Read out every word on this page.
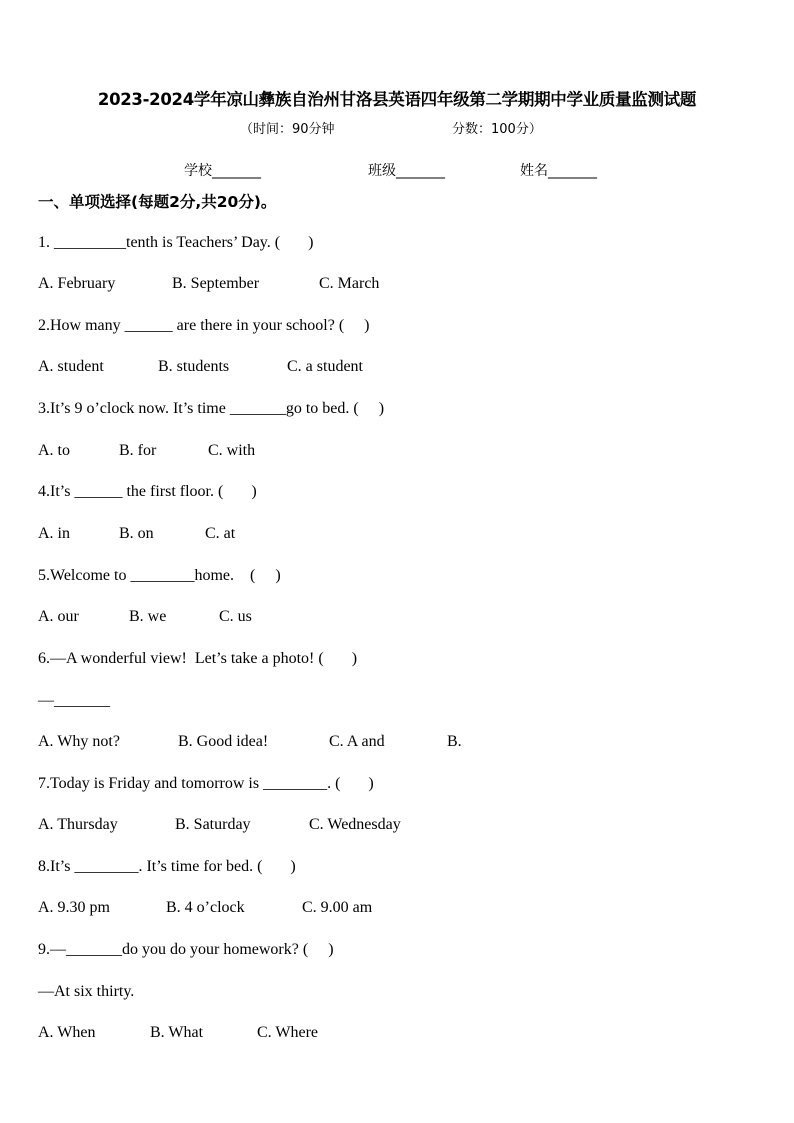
2023-2024学年凉山彝族自治州甘洛县英语四年级第二学期期中学业质量监测试题
（时间：90分钟	分数：100分）
学校_______	班级_______	姓名_______
一、单项选择(每题2分,共20分)。
1. _________tenth is Teachers’ Day. (       )
A. February	B. September	C. March
2.How many ______ are there in your school? (     )
A. student	B. students	C. a student
3.It’s 9 o’clock now. It’s time _______go to bed. (     )
A. to	B. for	C. with
4.It’s ______ the first floor. (       )
A. in	B. on	C. at
5.Welcome to ________home.    (     )
A. our	B. we	C. us
6.—A wonderful view!  Let’s take a photo! (       )
—_______
A. Why not?	B. Good idea!	C. A and	B.
7.Today is Friday and tomorrow is ________. (       )
A. Thursday	B. Saturday	C. Wednesday
8.It’s ________. It’s time for bed. (       )
A. 9.30 pm	B. 4 o’clock	C. 9.00 am
9.—_______do you do your homework? (     )
—At six thirty.
A. When	B. What	C. Where
